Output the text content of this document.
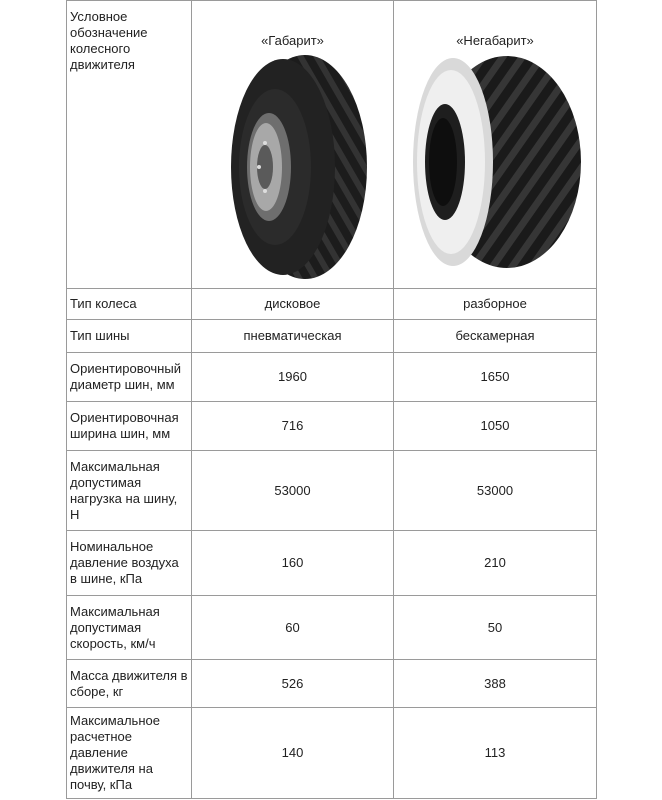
Условное обозначение колесного движителя	«Габарит»	«Негабарит»

Тип колеса	дисковое	разборное
Тип шины	пневматическая	бескамерная
Ориентировочный диаметр шин, мм	1960	1650
Ориентировочная ширина шин, мм	716	1050
Максимальная допустимая нагрузка на шину, Н	53000	53000
Номинальное давление воздуха в шине, кПа	160	210
Максимальная допустимая скорость, км/ч	60	50
Масса движителя в сборе, кг	526	388
Максимальное расчетное давление движителя на почву, кПа	140	113
